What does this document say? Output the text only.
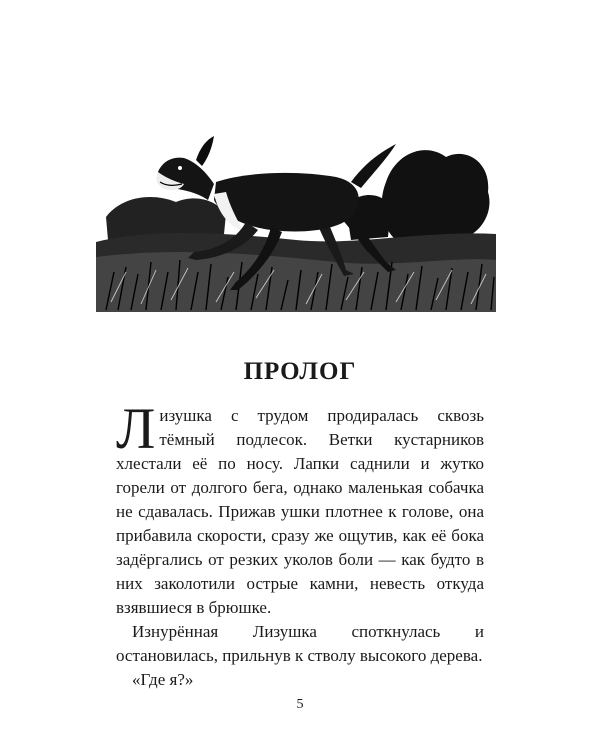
ПРОЛОГ

Лизушка с трудом продиралась сквозь тёмный подлесок. Ветки кустарников хлестали её по носу. Лапки саднили и жутко горели от долгого бега, однако маленькая собачка не сдавалась. Прижав ушки плотнее к голове, она прибавила скорости, сразу же ощутив, как её бока задёргались от резких уколов боли — как будто в них заколотили острые камни, невесть откуда взявшиеся в брюшке.

Изнурённая Лизушка споткнулась и остановилась, прильнув к стволу высокого дерева.

«Где я?»

5
